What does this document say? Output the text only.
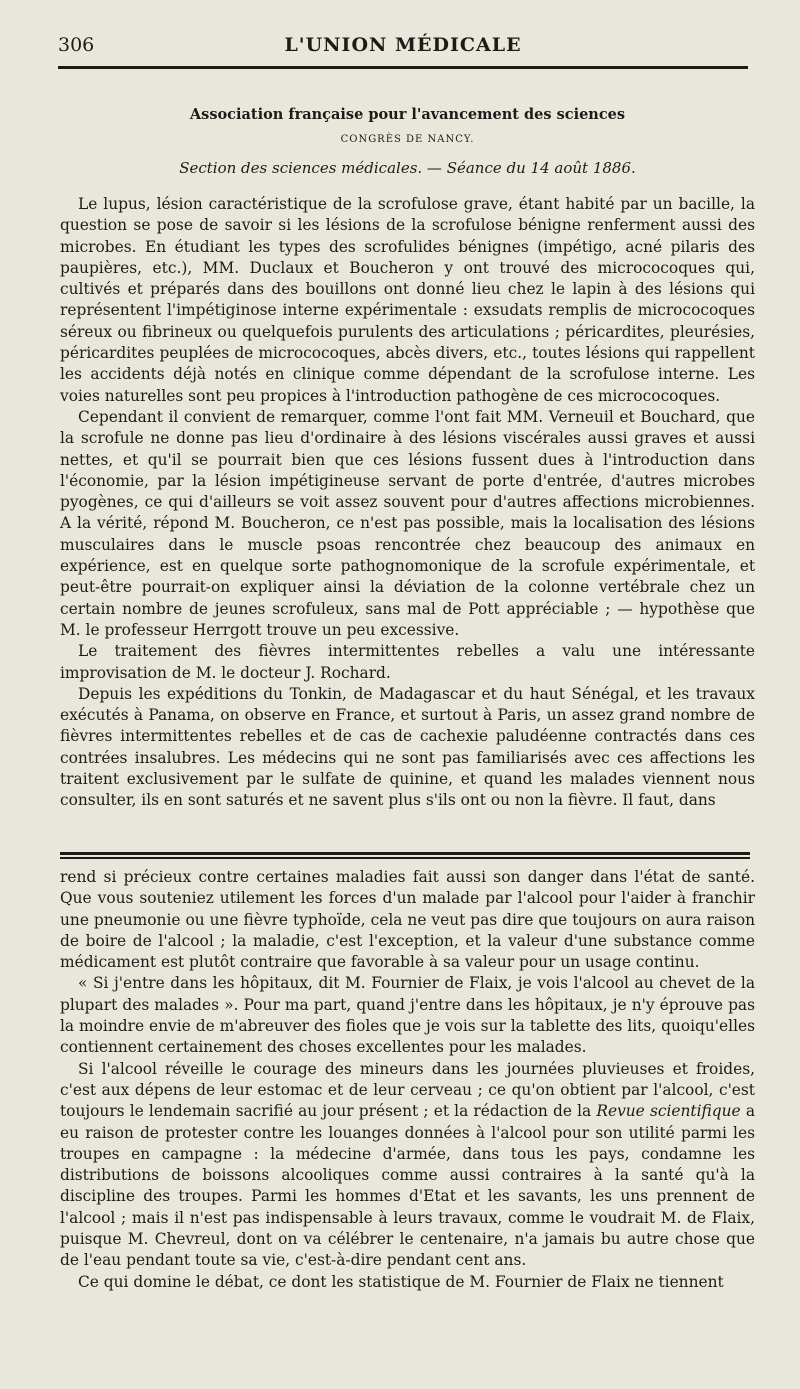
306	L'UNION MÉDICALE
Association française pour l'avancement des sciences
CONGRÈS DE NANCY.
Section des sciences médicales. — Séance du 14 août 1886.

Le lupus, lésion caractéristique de la scrofulose grave, étant habité par un bacille, la question se pose de savoir si les lésions de la scrofulose bénigne renferment aussi des microbes. En étudiant les types des scrofulides bénignes (impétigo, acné pilaris des paupières, etc.), MM. Duclaux et Boucheron y ont trouvé des micrococoques qui, cultivés et préparés dans des bouillons ont donné lieu chez le lapin à des lésions qui représentent l'impétiginose interne expérimentale : exsudats remplis de micrococoques séreux ou fibrineux ou quelquefois purulents des articulations ; péricardites, pleurésies, péricardites peuplées de micrococoques, abcès divers, etc., toutes lésions qui rappellent les accidents déjà notés en clinique comme dépendant de la scrofulose interne. Les voies naturelles sont peu propices à l'introduction pathogène de ces micrococoques.

Cependant il convient de remarquer, comme l'ont fait MM. Verneuil et Bouchard, que la scrofule ne donne pas lieu d'ordinaire à des lésions viscérales aussi graves et aussi nettes, et qu'il se pourrait bien que ces lésions fussent dues à l'introduction dans l'économie, par la lésion impétigineuse servant de porte d'entrée, d'autres microbes pyogènes, ce qui d'ailleurs se voit assez souvent pour d'autres affections microbiennes. A la vérité, répond M. Boucheron, ce n'est pas possible, mais la localisation des lésions musculaires dans le muscle psoas rencontrée chez beaucoup des animaux en expérience, est en quelque sorte pathognomonique de la scrofule expérimentale, et peut-être pourrait-on expliquer ainsi la déviation de la colonne vertébrale chez un certain nombre de jeunes scrofuleux, sans mal de Pott appréciable ; — hypothèse que M. le professeur Herrgott trouve un peu excessive.

Le traitement des fièvres intermittentes rebelles a valu une intéressante improvisation de M. le docteur J. Rochard.

Depuis les expéditions du Tonkin, de Madagascar et du haut Sénégal, et les travaux exécutés à Panama, on observe en France, et surtout à Paris, un assez grand nombre de fièvres intermittentes rebelles et de cas de cachexie paludéenne contractés dans ces contrées insalubres. Les médecins qui ne sont pas familiarisés avec ces affections les traitent exclusivement par le sulfate de quinine, et quand les malades viennent nous consulter, ils en sont saturés et ne savent plus s'ils ont ou non la fièvre. Il faut, dans

rend si précieux contre certaines maladies fait aussi son danger dans l'état de santé. Que vous souteniez utilement les forces d'un malade par l'alcool pour l'aider à franchir une pneumonie ou une fièvre typhoïde, cela ne veut pas dire que toujours on aura raison de boire de l'alcool ; la maladie, c'est l'exception, et la valeur d'une substance comme médicament est plutôt contraire que favorable à sa valeur pour un usage continu.

« Si j'entre dans les hôpitaux, dit M. Fournier de Flaix, je vois l'alcool au chevet de la plupart des malades ». Pour ma part, quand j'entre dans les hôpitaux, je n'y éprouve pas la moindre envie de m'abreuver des fioles que je vois sur la tablette des lits, quoiqu'elles contiennent certainement des choses excellentes pour les malades.

Si l'alcool réveille le courage des mineurs dans les journées pluvieuses et froides, c'est aux dépens de leur estomac et de leur cerveau ; ce qu'on obtient par l'alcool, c'est toujours le lendemain sacrifié au jour présent ; et la rédaction de la Revue scientifique a eu raison de protester contre les louanges données à l'alcool pour son utilité parmi les troupes en campagne : la médecine d'armée, dans tous les pays, condamne les distributions de boissons alcooliques comme aussi contraires à la santé qu'à la discipline des troupes. Parmi les hommes d'Etat et les savants, les uns prennent de l'alcool ; mais il n'est pas indispensable à leurs travaux, comme le voudrait M. de Flaix, puisque M. Chevreul, dont on va célébrer le centenaire, n'a jamais bu autre chose que de l'eau pendant toute sa vie, c'est-à-dire pendant cent ans.

Ce qui domine le débat, ce dont les statistique de M. Fournier de Flaix ne tiennent
